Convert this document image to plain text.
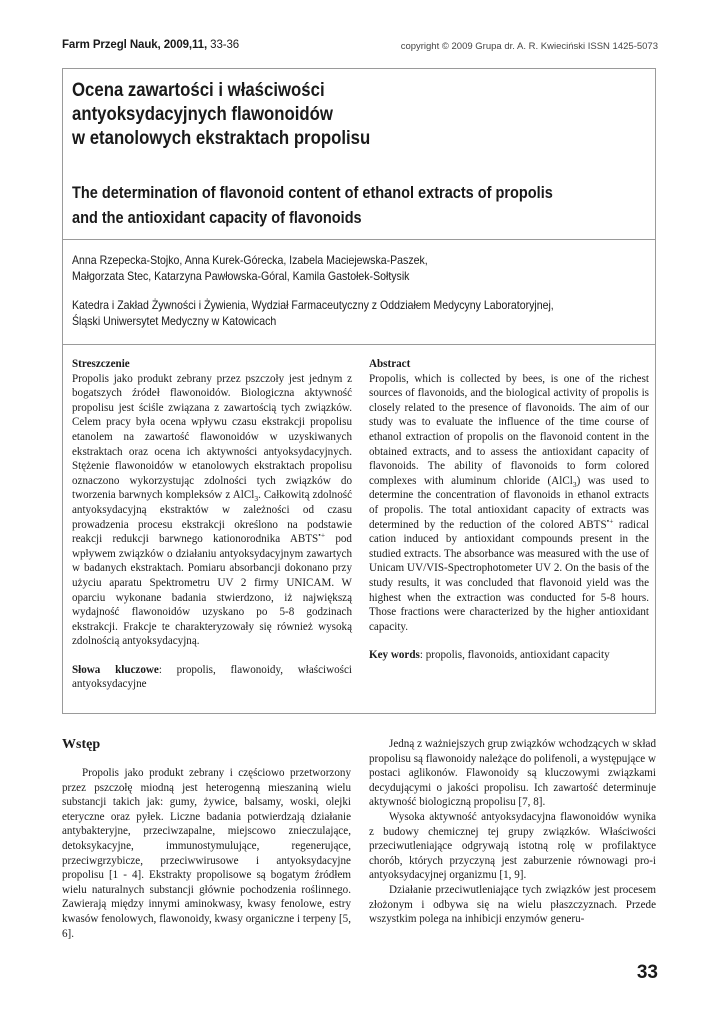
Farm Przegl Nauk, 2009,11, 33-36	copyright © 2009 Grupa dr. A. R. Kwieciński ISSN 1425-5073
Ocena zawartości i właściwości
antyoksydacyjnych flawonoidów
w etanolowych ekstraktach propolisu
The determination of flavonoid content of ethanol extracts of propolis
and the antioxidant capacity of flavonoids
Anna Rzepecka-Stojko, Anna Kurek-Górecka, Izabela Maciejewska-Paszek,
Małgorzata Stec, Katarzyna Pawłowska-Góral, Kamila Gastołek-Sołtysik
Katedra i Zakład Żywności i Żywienia, Wydział Farmaceutyczny z Oddziałem Medycyny Laboratoryjnej,
Śląski Uniwersytet Medyczny w Katowicach
Streszczenie

Propolis jako produkt zebrany przez pszczoły jest jednym z bogatszych źródeł flawonoidów. Biologiczna aktywność propolisu jest ściśle związana z zawartością tych związków. Celem pracy była ocena wpływu czasu ekstrakcji propolisu etanolem na zawartość flawonoidów w uzyskiwanych ekstraktach oraz ocena ich aktywności antyoksydacyjnych. Stężenie flawonoidów w etanolowych ekstraktach propolisu oznaczono wykorzystując zdolności tych związków do tworzenia barwnych kompleksów z AlCl$_3$. Całkowitą zdolność antyoksydacyjną ekstraktów w zależności od czasu prowadzenia procesu ekstrakcji określono na podstawie reakcji redukcji barwnego kationorodnika ABTS•+ pod wpływem związków o działaniu antyoksydacyjnym zawartych w badanych ekstraktach. Pomiaru absorbancji dokonano przy użyciu aparatu Spektrometru UV 2 firmy UNICAM. W oparciu wykonane badania stwierdzono, iż największą wydajność flawonoidów uzyskano po 5-8 godzinach ekstrakcji. Frakcje te charakteryzowały się również wysoką zdolnością antyoksydacyjną.

Słowa kluczowe: propolis, flawonoidy, właściwości antyoksydacyjne

Abstract

Propolis, which is collected by bees, is one of the richest sources of flavonoids, and the biological activity of propolis is closely related to the presence of flavonoids. The aim of our study was to evaluate the influence of the time course of ethanol extraction of propolis on the flavonoid content in the obtained extracts, and to assess the antioxidant capacity of flavonoids. The ability of flavonoids to form colored complexes with aluminum chloride (AlCl$_3$) was used to determine the concentration of flavonoids in ethanol extracts of propolis. The total antioxidant capacity of extracts was determined by the reduction of the colored ABTS•+ radical cation induced by antioxidant compounds present in the studied extracts. The absorbance was measured with the use of Unicam UV/VIS-Spectrophotometer UV 2. On the basis of the study results, it was concluded that flavonoid yield was the highest when the extraction was conducted for 5-8 hours. Those fractions were characterized by the higher antioxidant capacity.

Key words: propolis, flavonoids, antioxidant capacity

Wstęp

Propolis jako produkt zebrany i częściowo przetworzony przez pszczołę miodną jest heterogenną mieszaniną wielu substancji takich jak: gumy, żywice, balsamy, woski, olejki eteryczne oraz pyłek. Liczne badania potwierdzają działanie antybakteryjne, przeciwzapalne, miejscowo znieczulające, detoksykacyjne, immunostymulujące, regenerujące, przeciwgrzybicze, przeciwwirusowe i antyoksydacyjne propolisu [1 - 4]. Ekstrakty propolisowe są bogatym źródłem wielu naturalnych substancji głównie pochodzenia roślinnego. Zawierają między innymi aminokwasy, kwasy fenolowe, estry kwasów fenolowych, flawonoidy, kwasy organiczne i terpeny [5, 6].

Jedną z ważniejszych grup związków wchodzących w skład propolisu są flawonoidy należące do polifenoli, a występujące w postaci aglikonów. Flawonoidy są kluczowymi związkami decydującymi o jakości propolisu. Ich zawartość determinuje aktywność biologiczną propolisu [7, 8].

Wysoka aktywność antyoksydacyjna flawonoidów wynika z budowy chemicznej tej grupy związków. Właściwości przeciwutleniające odgrywają istotną rolę w profilaktyce chorób, których przyczyną jest zaburzenie równowagi pro-i antyoksydacyjnej organizmu [1, 9].

Działanie przeciwutleniające tych związków jest procesem złożonym i odbywa się na wielu płaszczyznach. Przede wszystkim polega na inhibicji enzymów generu-

33
